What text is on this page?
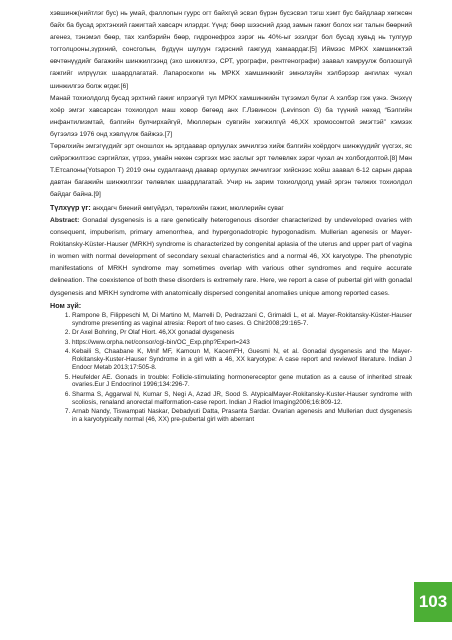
хэвшинж(нийтлэг бус) нь умай, фаллопын гуурс огт байхгүй эсвэл бүрэн бусэсвэл тэгш хэмт бус байдлаар хөгжсөн байх ба бусад эрхтэнхий гажигтай хавсарч илэрдэг. Үүнд: бөөр шээсний дээд замын гажиг болох нэг талын бөөрний агенез, тэнэмэл бөөр, тах хэлбэрийн бөөр, гидронефроз зэрэг нь 40%-ыг эзэлдэг бол бусад хувьд нь тулгуур тогтолцооны,зүрхний, сонсголын, бүдүүн шулуун гэдэсний гажгууд хамаардаг.[5] Иймээс МРКХ хамшинжтэй өвчтөнүүдийг багажийн шинжилгээнд (эхо шижилгээ, СРТ, урографи, рентгенографи) заавал хамруулж болзошгүй гажгийг илрүүлэх шаардлагатай. Лапароскопи нь МРКХ хамшинжийг эмнэлзүйн хэлбэрээр ангилах чухал шинжилгээ болж өгдөг.[6]

Манай тохиолдолд бусад эрхтний гажиг илрээгүй тул МРКХ хамшинжийн түгээмэл бүлэг А хэлбэр гэж үзнэ. Энэхүү хоёр эмгэг хавсарсан тохиолдол маш ховор бөгөөд анх Г.Лэвинсон (Levinson G) ба түүний нөхөд “Бэлгийн инфантилизмтай, бэлгийн булчирхайгүй, Мюллерын сувгийн хөгжилгүй 46,XX хромосомтой эмэгтэй” хэмээх бүтээлээ 1976 онд хэвлүүлж байжээ.[7]

Төрөлхийн эмгэгүүдийг эрт оношлох нь эртдаавар орлуулах эмчилгээ хийж бэлгийн хоёрдогч шинжүүдийг үүсгэх, яс сийрэгжилтээс сэргийлэх, үтрээ, умайн нөхөн сэргээх мэс заслыг эрт төлөвлөх зэрэг чухал ач холбогдолтой.[8] Мөн Т.Етсапоны(Yotsapon T) 2019 оны судалгаанд даавар орлуулах эмчилгээг хийснээс хойш заавал 6-12 сарын дараа давтан багажийн шинжилгээг төлөвлөх шаардлагатай. Учир нь зарим тохиолдолд умай эргэн төлжих тохиолдол байдаг байна.[9]

Түлхүүр үг: анхдагч биений өмгүйдэл, төрөлхийн гажиг, мюллерийн суваг

Abstract: Gonadal dysgenesis is a rare genetically heterogenous disorder characterized by undeveloped ovaries with consequent, impuberism, primary amenorrhea, and hypergonadotropic hypogonadism. Mullerian agenesis or Mayer-Rokitansky-Küster-Hauser (MRKH) syndrome is characterized by congenital aplasia of the uterus and upper part of vagina in women with normal development of secondary sexual characteristics and a normal 46, XX karyotype. The phenotypic manifestations of MRKH syndrome may sometimes overlap with various other syndromes and require accurate delineation. The coexistence of both these disorders is extremely rare. Here, we report a case of pubertal girl with gonadal dysgenesis and MRKH syndrome with anatomically dispersed congenital anomalies unique among reported cases.

Ном зүй:

1. Rampone B, Filippeschi M, Di Martino M, Marrelli D, Pedrazzani C, Grimaldi L, et al. Mayer-Rokitansky-Küster-Hauser syndrome presenting as vaginal atresia: Report of two cases. G Chir2008;29:165-7.
2. Dr Axel Bohring, Pr Olaf Hiort. 46,XX gonadal dysgenesis
3. https://www.orpha.net/consor/cgi-bin/OC_Exp.php?Expert=243
4. Kebaili S, Chaabane K, Mnif MF, Kamoun M, KacemFH, Guesmi N, et al. Gonadal dysgenesis and the Mayer-Rokitansky-Kuster-Hauser Syndrome in a girl with a 46, XX karyotype: A case report and reviewof literature. Indian J Endocr Metab 2013;17:505-8.
5. Heufelder AE. Gonads in trouble: Follicle-stimulating hormonereceptor gene mutation as a cause of inherited streak ovaries.Eur J Endocrinol 1996;134:296-7.
6. Sharma S, Aggarwal N, Kumar S, Negi A, Azad JR, Sood S. AtypicalMayer-Rokitansky-Kuster-Hauser syndrome with scoliosis, renaland anorectal malformation-case report. Indian J Radiol Imaging2006;16:809-12.
7. Arnab Nandy, Tiswampati Naskar, Debadyuti Datta, Prasanta Sardar. Ovarian agenesis and Mullerian duct dysgenesis in a karyotypically normal (46, XX) pre-pubertal girl with aberrant
103
